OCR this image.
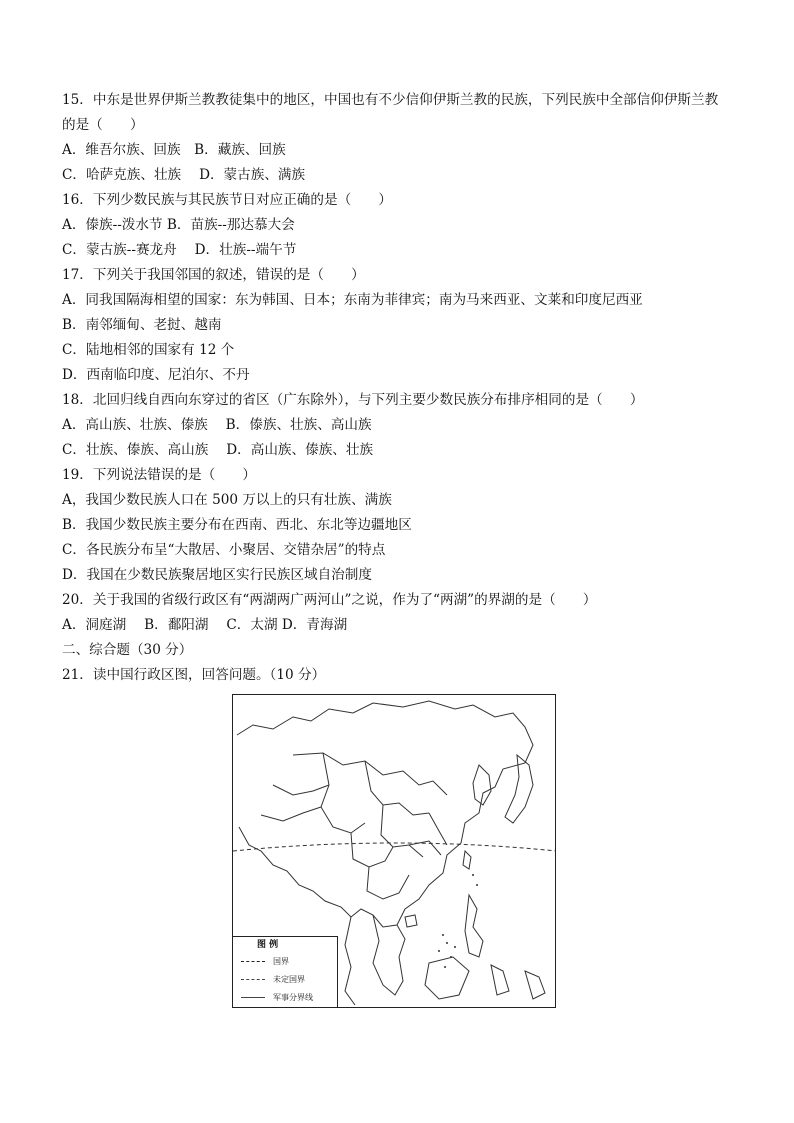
15．中东是世界伊斯兰教教徒集中的地区，中国也有不少信仰伊斯兰教的民族，下列民族中全部信仰伊斯兰教
的是（　　）
A．维吾尔族、回族　B．藏族、回族
C．哈萨克族、壮族　 D．蒙古族、满族
16．下列少数民族与其民族节日对应正确的是（　　）
A．傣族--泼水节 B．苗族--那达慕大会
C．蒙古族--赛龙舟　 D．壮族--端午节
17．下列关于我国邻国的叙述，错误的是（　　）
A．同我国隔海相望的国家：东为韩国、日本；东南为菲律宾；南为马来西亚、文莱和印度尼西亚
B．南邻缅甸、老挝、越南
C．陆地相邻的国家有 12 个
D．西南临印度、尼泊尔、不丹
18．北回归线自西向东穿过的省区（广东除外），与下列主要少数民族分布排序相同的是（　　）
A．高山族、壮族、傣族　 B．傣族、壮族、高山族
C．壮族、傣族、高山族　 D．高山族、傣族、壮族
19．下列说法错误的是（　　）
A，我国少数民族人口在 500 万以上的只有壮族、满族
B．我国少数民族主要分布在西南、西北、东北等边疆地区
C．各民族分布呈“大散居、小聚居、交错杂居”的特点
D．我国在少数民族聚居地区实行民族区域自治制度
20．关于我国的省级行政区有“两湖两广两河山”之说，作为了“两湖”的界湖的是（　　）
A．洞庭湖　 B．鄱阳湖　 C．太湖 D．青海湖
二、综合题（30 分）
21．读中国行政区图，回答问题。（10 分）
图 例
国界
未定国界
军事分界线
